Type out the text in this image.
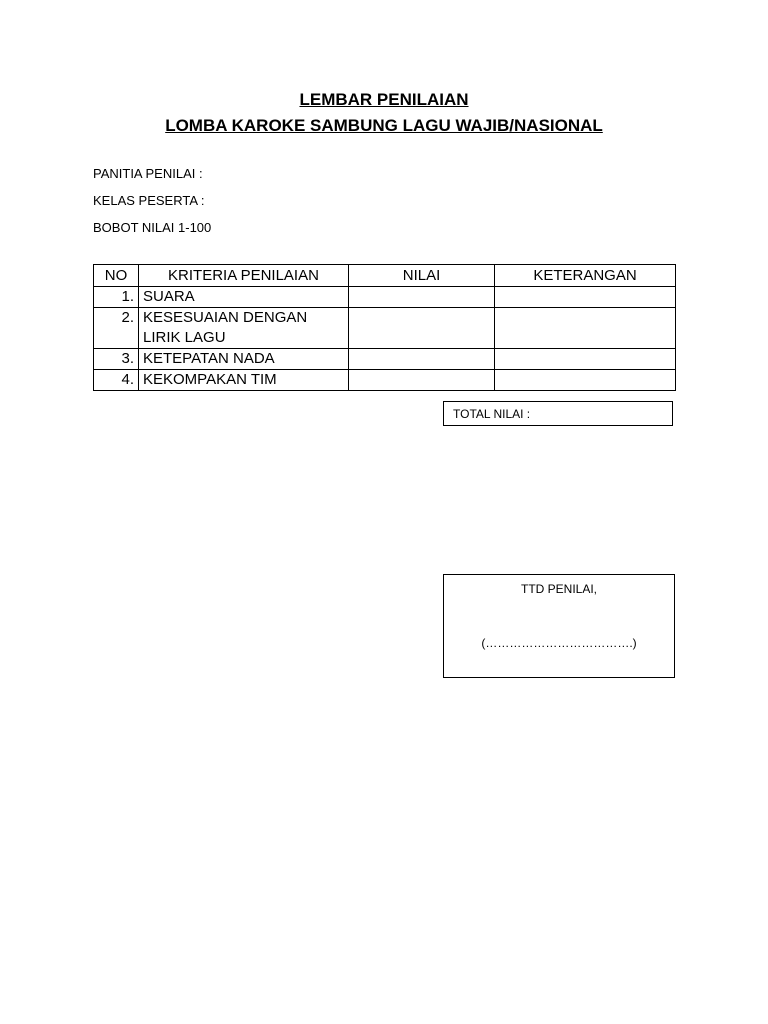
LEMBAR PENILAIAN
LOMBA KAROKE SAMBUNG LAGU WAJIB/NASIONAL
PANITIA PENILAI :
KELAS PESERTA :
BOBOT NILAI 1-100
NO	KRITERIA PENILAIAN	NILAI	KETERANGAN
1.	SUARA		
2.	KESESUAIAN DENGAN
LIRIK LAGU		
3.	KETEPATAN NADA		
4.	KEKOMPAKAN TIM		
TOTAL NILAI :
TTD PENILAI,
(……………………………….)
